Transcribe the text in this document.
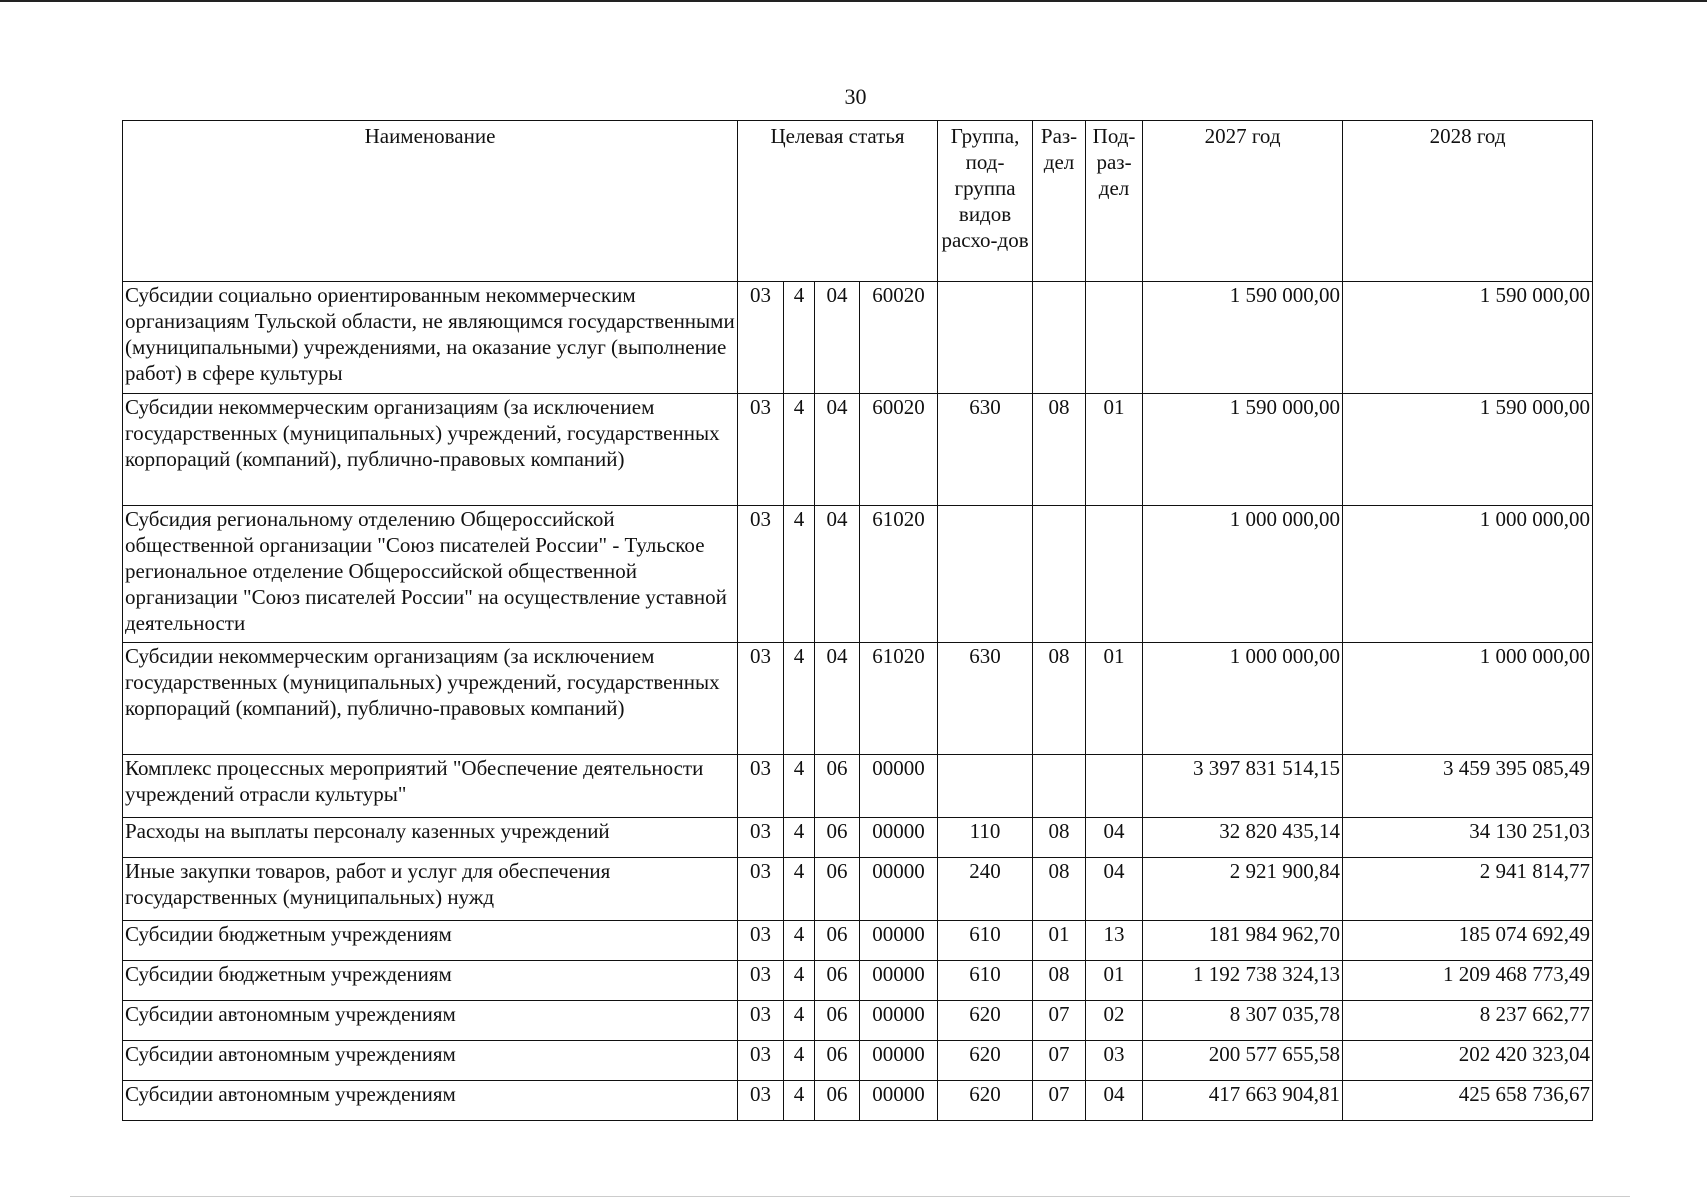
30
Наименование	Целевая статья				Группа, под-группа видов расхо-дов	Раз-дел	Под-раз-дел	2027 год	2028 год
Субсидии социально ориентированным некоммерческим организациям Тульской области, не являющимся государственными (муниципальными) учреждениями, на оказание услуг (выполнение работ) в сфере культуры	03	4	04	60020				1 590 000,00	1 590 000,00
Субсидии некоммерческим организациям (за исключением государственных (муниципальных) учреждений, государственных корпораций (компаний), публично-правовых компаний)	03	4	04	60020	630	08	01	1 590 000,00	1 590 000,00
Субсидия региональному отделению Общероссийской общественной организации "Союз писателей России" - Тульское региональное отделение Общероссийской общественной организации "Союз писателей России" на осуществление уставной деятельности	03	4	04	61020				1 000 000,00	1 000 000,00
Субсидии некоммерческим организациям (за исключением государственных (муниципальных) учреждений, государственных корпораций (компаний), публично-правовых компаний)	03	4	04	61020	630	08	01	1 000 000,00	1 000 000,00
Комплекс процессных мероприятий "Обеспечение деятельности учреждений отрасли культуры"	03	4	06	00000				3 397 831 514,15	3 459 395 085,49
Расходы на выплаты персоналу казенных учреждений	03	4	06	00000	110	08	04	32 820 435,14	34 130 251,03
Иные закупки товаров, работ и услуг для обеспечения государственных (муниципальных) нужд	03	4	06	00000	240	08	04	2 921 900,84	2 941 814,77
Субсидии бюджетным учреждениям	03	4	06	00000	610	01	13	181 984 962,70	185 074 692,49
Субсидии бюджетным учреждениям	03	4	06	00000	610	08	01	1 192 738 324,13	1 209 468 773,49
Субсидии автономным учреждениям	03	4	06	00000	620	07	02	8 307 035,78	8 237 662,77
Субсидии автономным учреждениям	03	4	06	00000	620	07	03	200 577 655,58	202 420 323,04
Субсидии автономным учреждениям	03	4	06	00000	620	07	04	417 663 904,81	425 658 736,67
